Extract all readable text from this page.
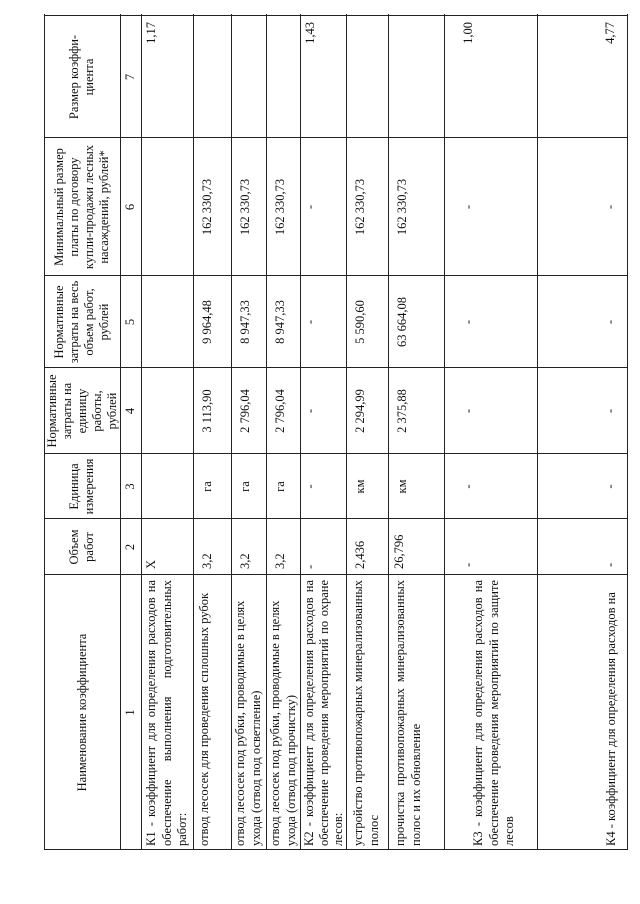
Наименование коэффициента
Объем работ
Единица измерения
Нормативные затраты на единицу работы, рублей
Нормативные затраты на весь объем работ, рублей
Минимальный размер платы по договору купли-продажи лесных насаждений, рублей*
Размер коэффи-циента
1
2
3
4
5
6
7
К1 - коэффициент для определения расходов на обеспечение выполнения подготовительных работ:
Х
1,17
отвод лесосек для проведения сплошных рубок
3,2
га
3 113,90
9 964,48
162 330,73
отвод лесосек под рубки, проводимые в целях ухода (отвод под осветление)
3,2
га
2 796,04
8 947,33
162 330,73
отвод лесосек под рубки, проводимые в целях ухода (отвод под прочистку)
3,2
га
2 796,04
8 947,33
162 330,73
К2 - коэффициент для определения расходов на обеспечение проведения мероприятий по охране лесов:
-
-
-
-
-
1,43
устройство противопожарных минерализованных полос
2,436
км
2 294,99
5 590,60
162 330,73
прочистка противопожарных минерализованных полос и их обновление
26,796
км
2 375,88
63 664,08
162 330,73
К3 - коэффициент для определения расходов на обеспечение проведения мероприятий по защите лесов
-
-
-
-
-
1,00
К4 - коэффициент для определения расходов на
-
-
-
-
-
4,77
